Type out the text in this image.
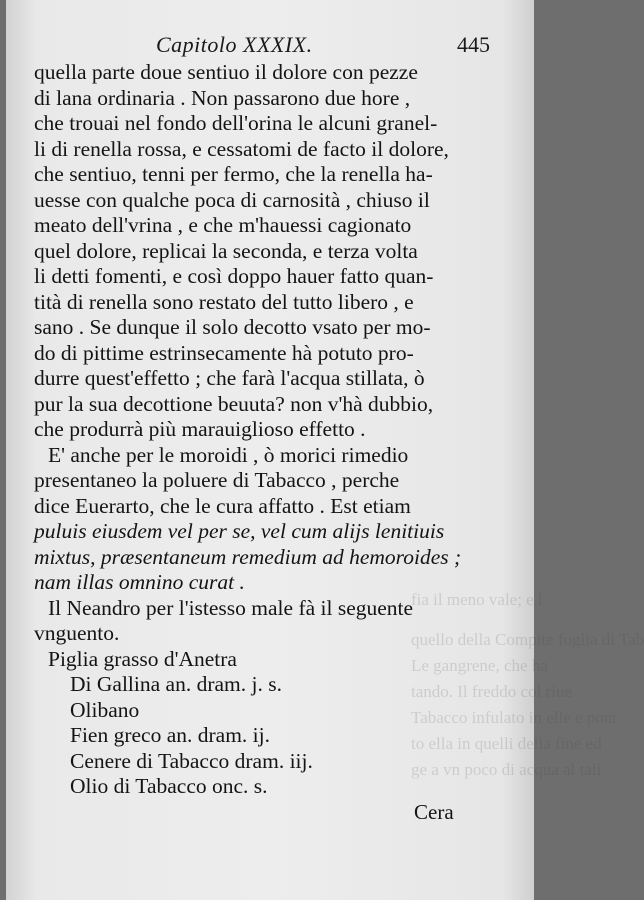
fia il meno vale; e l
quello della Compite foglia di Tab
Le gangrene, che ha
tando. Il freddo col riue
Tabacco infulato in elle e pont
to ella in quelli della fine ed
ge a vn poco di acqua al tali
Capitolo XXXIX.	445
quella parte doue sentiuo il dolore con pezze
di lana ordinaria . Non passarono due hore ,
che trouai nel fondo dell'orina le alcuni granel-
li di renella rossa, e cessatomi de facto il dolore,
che sentiuo, tenni per fermo, che la renella ha-
uesse con qualche poca di carnosità , chiuso il
meato dell'vrina , e che m'hauessi cagionato
quel dolore, replicai la seconda, e terza volta
li detti fomenti, e così doppo hauer fatto quan-
tità di renella sono restato del tutto libero , e
sano . Se dunque il solo decotto vsato per mo-
do di pittime estrinsecamente hà potuto pro-
durre quest'effetto ; che farà l'acqua stillata, ò
pur la sua decottione beuuta? non v'hà dubbio,
che produrrà più marauiglioso effetto .
E' anche per le moroidi , ò morici rimedio
presentaneo la poluere di Tabacco , perche
dice Euerarto, che le cura affatto . Est etiam
puluis eiusdem vel per se, vel cum alijs lenitiuis
mixtus, præsentaneum remedium ad hemoroides ;
nam illas omnino curat .
Il Neandro per l'istesso male fà il seguente
vnguento.
Piglia grasso d'Anetra
Di Gallina an. dram. j. s.
Olibano
Fien greco an. dram. ij.
Cenere di Tabacco dram. iij.
Olio di Tabacco onc. s.
Cera
